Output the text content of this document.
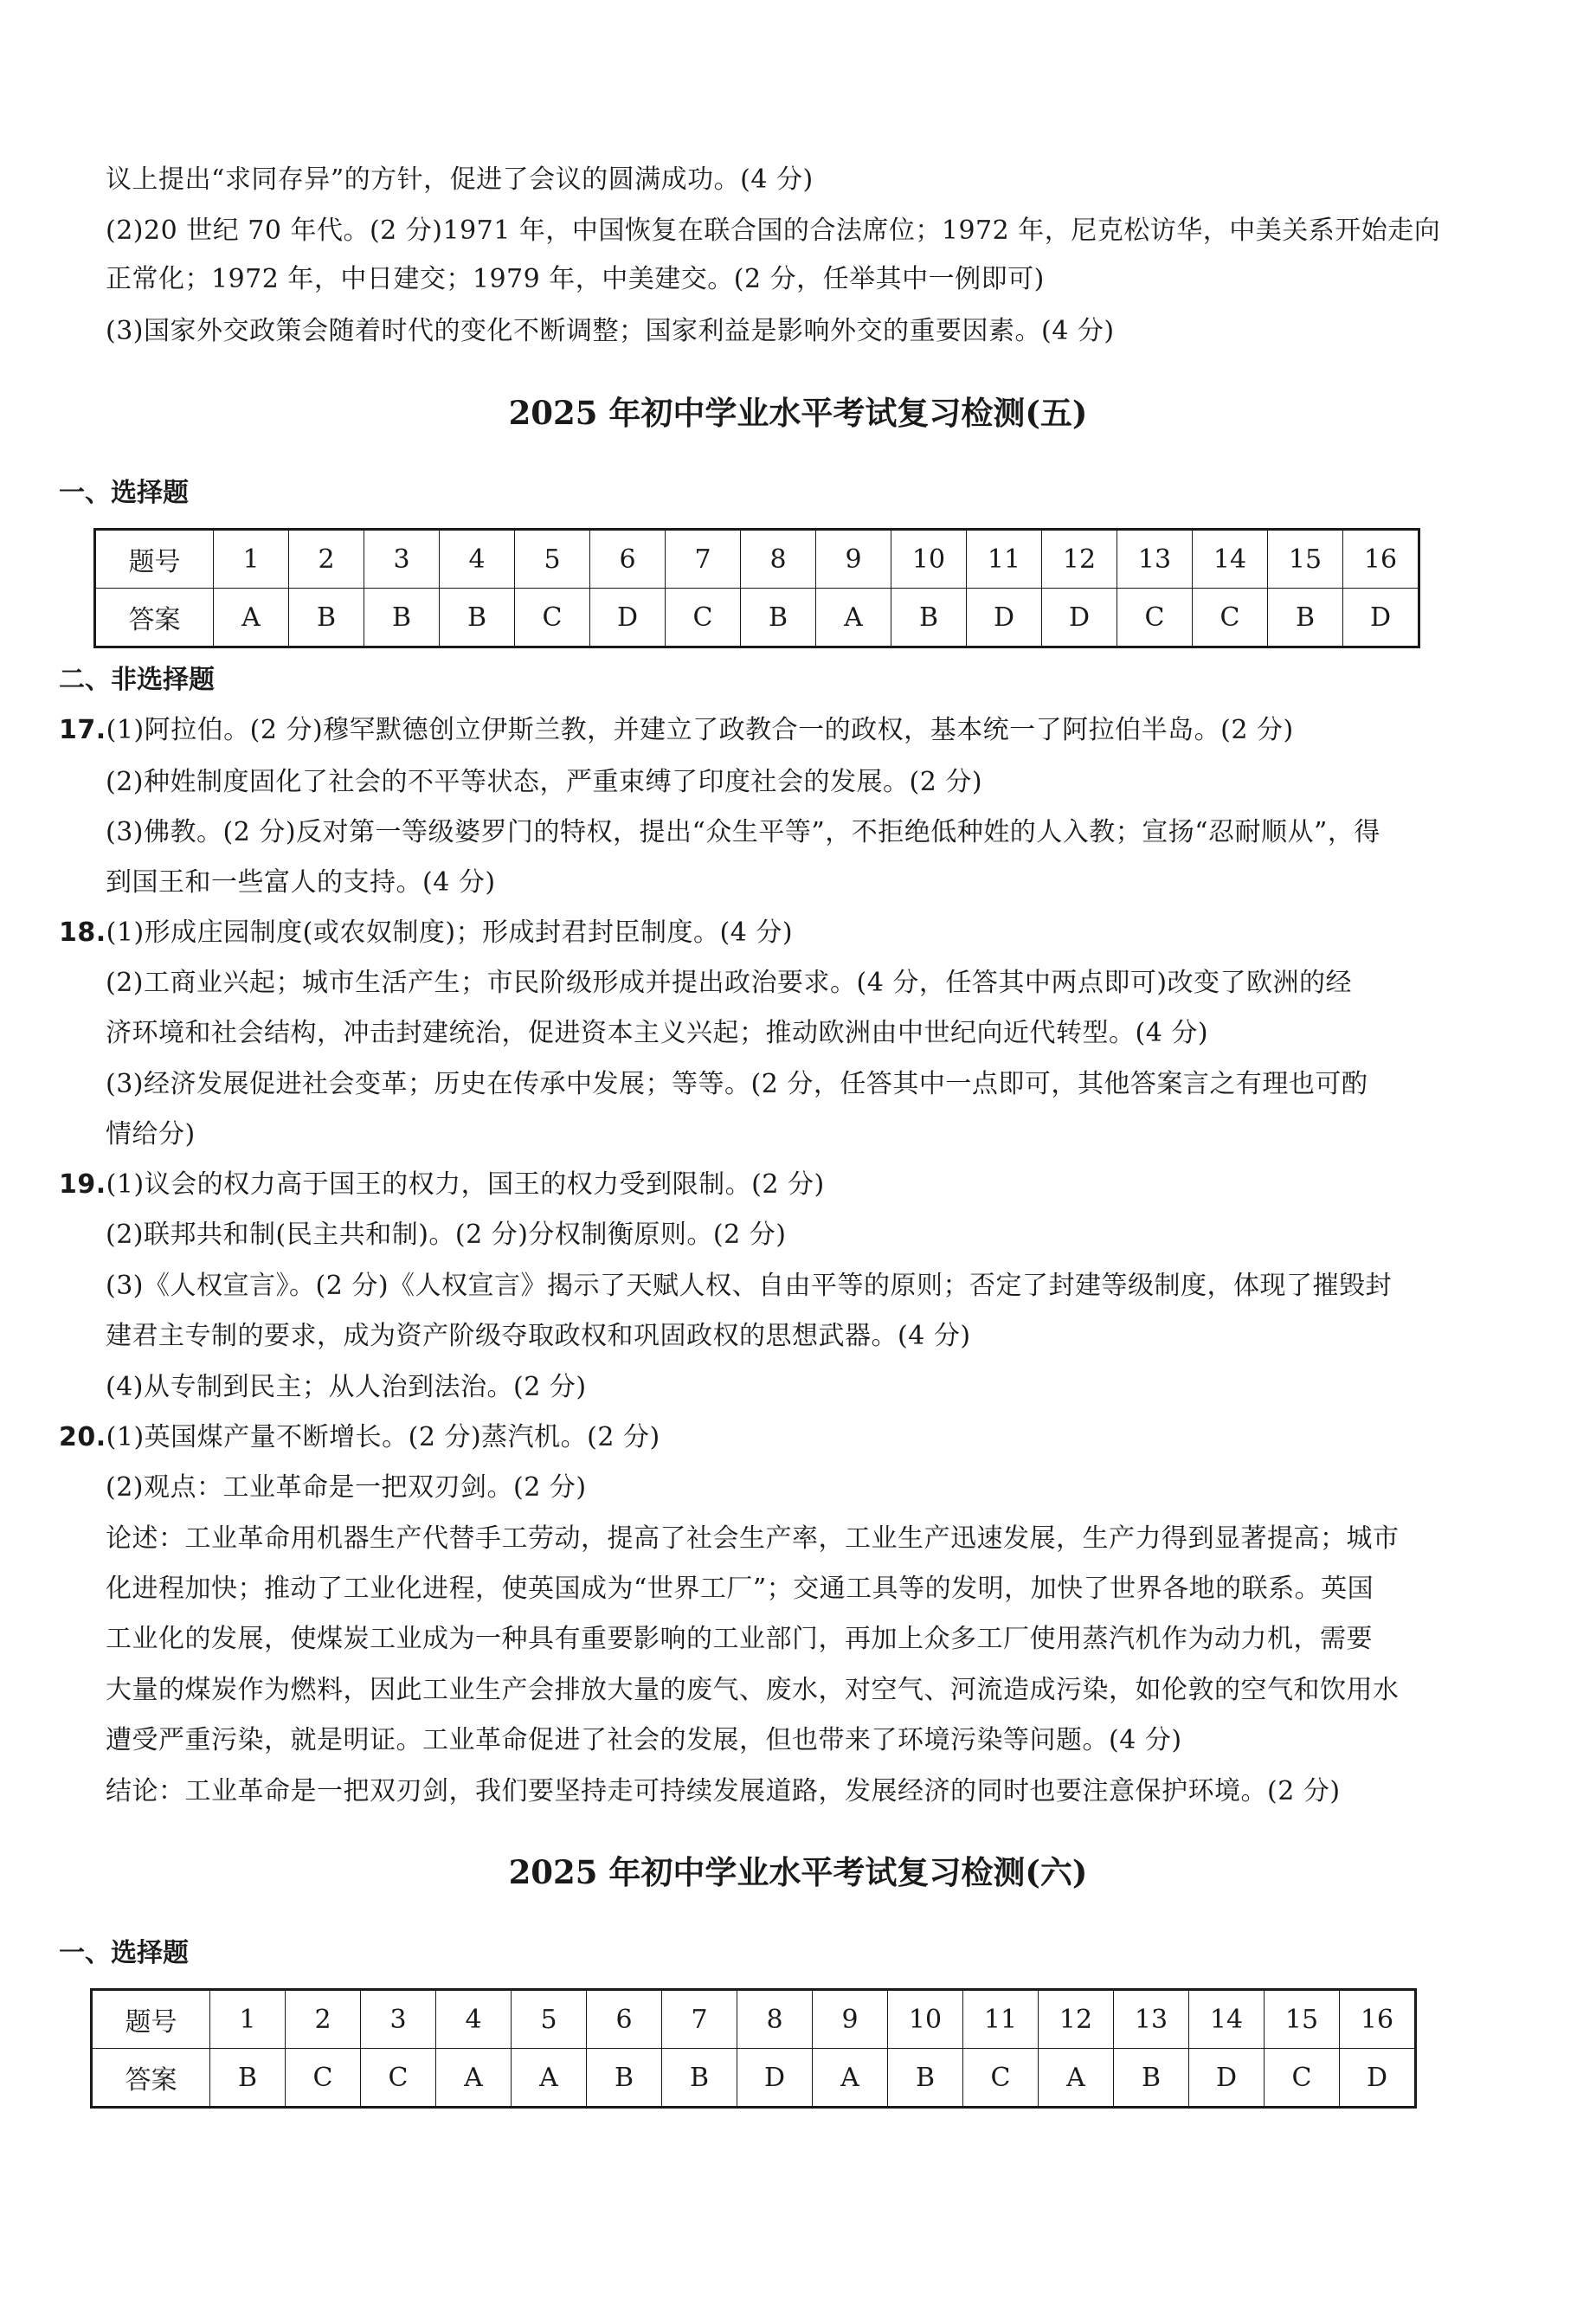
议上提出“求同存异”的方针，促进了会议的圆满成功。(4 分)
(2)20 世纪 70 年代。(2 分)1971 年，中国恢复在联合国的合法席位；1972 年，尼克松访华，中美关系开始走向
正常化；1972 年，中日建交；1979 年，中美建交。(2 分，任举其中一例即可)
(3)国家外交政策会随着时代的变化不断调整；国家利益是影响外交的重要因素。(4 分)
2025 年初中学业水平考试复习检测(五)
一、选择题
题号	1	2	3	4	5	6	7	8	9	10	11	12	13	14	15	16
答案	A	B	B	B	C	D	C	B	A	B	D	D	C	C	B	D
二、非选择题
17.(1)阿拉伯。(2 分)穆罕默德创立伊斯兰教，并建立了政教合一的政权，基本统一了阿拉伯半岛。(2 分)
(2)种姓制度固化了社会的不平等状态，严重束缚了印度社会的发展。(2 分)
(3)佛教。(2 分)反对第一等级婆罗门的特权，提出“众生平等”，不拒绝低种姓的人入教；宣扬“忍耐顺从”，得
到国王和一些富人的支持。(4 分)
18.(1)形成庄园制度(或农奴制度)；形成封君封臣制度。(4 分)
(2)工商业兴起；城市生活产生；市民阶级形成并提出政治要求。(4 分，任答其中两点即可)改变了欧洲的经
济环境和社会结构，冲击封建统治，促进资本主义兴起；推动欧洲由中世纪向近代转型。(4 分)
(3)经济发展促进社会变革；历史在传承中发展；等等。(2 分，任答其中一点即可，其他答案言之有理也可酌
情给分)
19.(1)议会的权力高于国王的权力，国王的权力受到限制。(2 分)
(2)联邦共和制(民主共和制)。(2 分)分权制衡原则。(2 分)
(3)《人权宣言》。(2 分)《人权宣言》揭示了天赋人权、自由平等的原则；否定了封建等级制度，体现了摧毁封
建君主专制的要求，成为资产阶级夺取政权和巩固政权的思想武器。(4 分)
(4)从专制到民主；从人治到法治。(2 分)
20.(1)英国煤产量不断增长。(2 分)蒸汽机。(2 分)
(2)观点：工业革命是一把双刃剑。(2 分)
论述：工业革命用机器生产代替手工劳动，提高了社会生产率，工业生产迅速发展，生产力得到显著提高；城市
化进程加快；推动了工业化进程，使英国成为“世界工厂”；交通工具等的发明，加快了世界各地的联系。英国
工业化的发展，使煤炭工业成为一种具有重要影响的工业部门，再加上众多工厂使用蒸汽机作为动力机，需要
大量的煤炭作为燃料，因此工业生产会排放大量的废气、废水，对空气、河流造成污染，如伦敦的空气和饮用水
遭受严重污染，就是明证。工业革命促进了社会的发展，但也带来了环境污染等问题。(4 分)
结论：工业革命是一把双刃剑，我们要坚持走可持续发展道路，发展经济的同时也要注意保护环境。(2 分)
2025 年初中学业水平考试复习检测(六)
一、选择题
题号	1	2	3	4	5	6	7	8	9	10	11	12	13	14	15	16
答案	B	C	C	A	A	B	B	D	A	B	C	A	B	D	C	D
